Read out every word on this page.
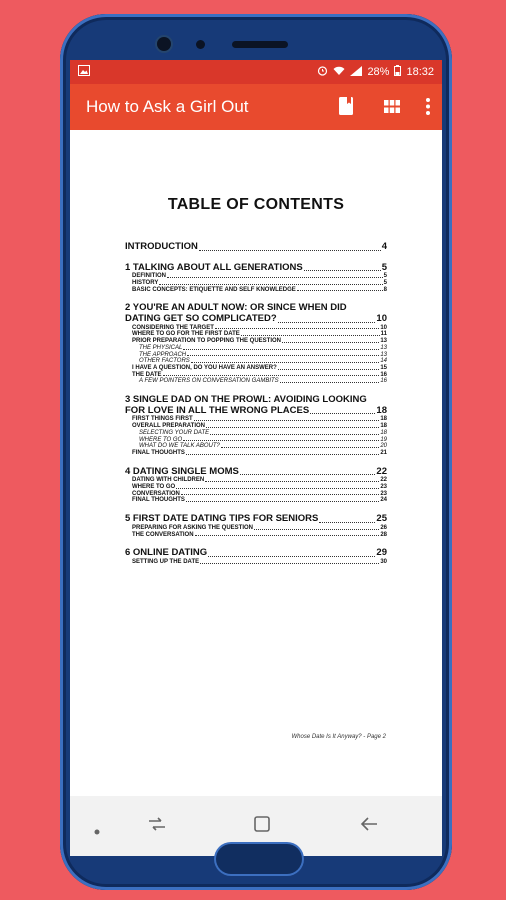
28% 18:32
How to Ask a Girl Out
TABLE OF CONTENTS
INTRODUCTION	4
1 TALKING ABOUT ALL GENERATIONS	5
DEFINITION	5
HISTORY	5
BASIC CONCEPTS: ETIQUETTE AND SELF KNOWLEDGE	8
2 YOU'RE AN ADULT NOW: OR SINCE WHEN DID
DATING GET SO COMPLICATED?	10
CONSIDERING THE TARGET	10
WHERE TO GO FOR THE FIRST DATE	11
PRIOR PREPARATION TO POPPING THE QUESTION	13
THE PHYSICAL	13
THE APPROACH	13
OTHER FACTORS	14
I HAVE A QUESTION, DO YOU HAVE AN ANSWER?	15
THE DATE	16
A FEW POINTERS ON CONVERSATION GAMBITS	16
3 SINGLE DAD ON THE PROWL: AVOIDING LOOKING
FOR LOVE IN ALL THE WRONG PLACES	18
FIRST THINGS FIRST	18
OVERALL PREPARATION	18
SELECTING YOUR DATE	18
WHERE TO GO	19
WHAT DO WE TALK ABOUT?	20
FINAL THOUGHTS	21
4 DATING SINGLE MOMS	22
DATING WITH CHILDREN	22
WHERE TO GO	23
CONVERSATION	23
FINAL THOUGHTS	24
5 FIRST DATE DATING TIPS FOR SENIORS	25
PREPARING FOR ASKING THE QUESTION	26
THE CONVERSATION	28
6 ONLINE DATING	29
SETTING UP THE DATE	30
Whose Date Is It Anyway? - Page 2
